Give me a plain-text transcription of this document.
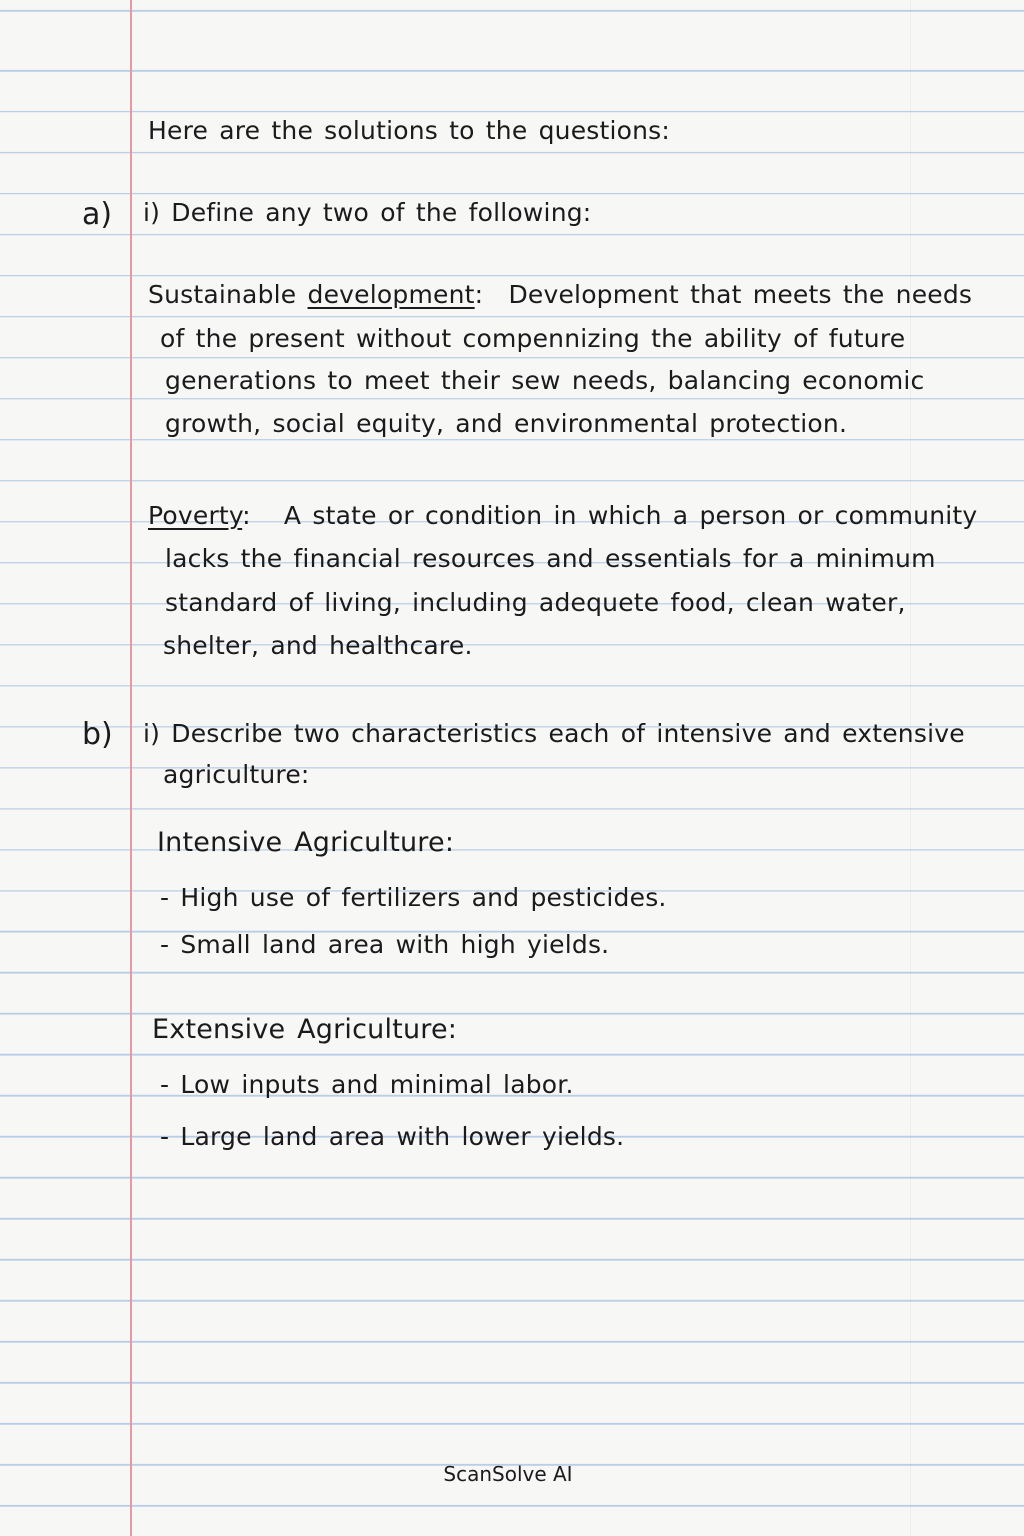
Here are the solutions to the questions:
a) i) Define any two of the following:
Sustainable development: Development that meets the needs
of the present without compennizing the ability of future
generations to meet their sew needs, balancing economic
growth, social equity, and environmental protection.
Poverty: A state or condition in which a person or community
lacks the financial resources and essentials for a minimum
standard of living, including adequete food, clean water,
shelter, and healthcare.
b) i) Describe two characteristics each of intensive and extensive
agriculture:
Intensive Agriculture:
- High use of fertilizers and pesticides.
- Small land area with high yields.
Extensive Agriculture:
- Low inputs and minimal labor.
- Large land area with lower yields.
ScanSolve AI
